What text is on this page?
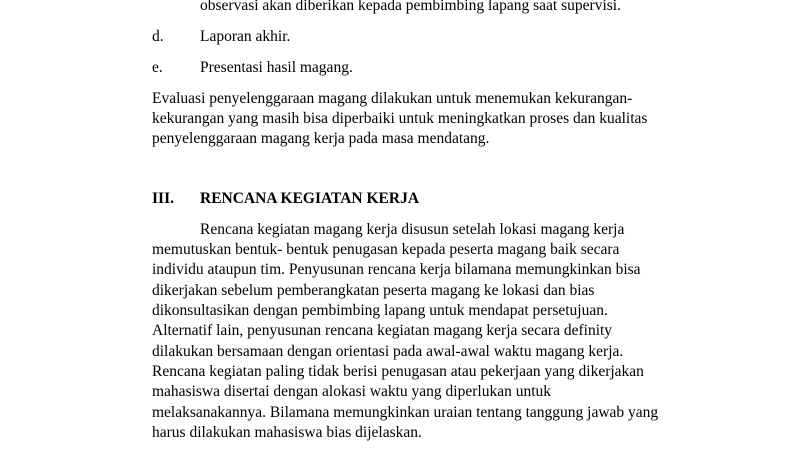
observasi akan diberikan kepada pembimbing lapang saat supervisi.
d. Laporan akhir.
e. Presentasi hasil magang.
Evaluasi penyelenggaraan magang dilakukan untuk menemukan kekurangan-
kekurangan yang masih bisa diperbaiki untuk meningkatkan proses dan kualitas
penyelenggaraan magang kerja pada masa mendatang.
III. RENCANA KEGIATAN KERJA
Rencana kegiatan magang kerja disusun setelah lokasi magang kerja
memutuskan bentuk- bentuk penugasan kepada peserta magang baik secara
individu ataupun tim. Penyusunan rencana kerja bilamana memungkinkan bisa
dikerjakan sebelum pemberangkatan peserta magang ke lokasi dan bias
dikonsultasikan dengan pembimbing lapang untuk mendapat persetujuan.
Alternatif lain, penyusunan rencana kegiatan magang kerja secara definity
dilakukan bersamaan dengan orientasi pada awal-awal waktu magang kerja.
Rencana kegiatan paling tidak berisi penugasan atau pekerjaan yang dikerjakan
mahasiswa disertai dengan alokasi waktu yang diperlukan untuk
melaksanakannya. Bilamana memungkinkan uraian tentang tanggung jawab yang
harus dilakukan mahasiswa bias dijelaskan.
